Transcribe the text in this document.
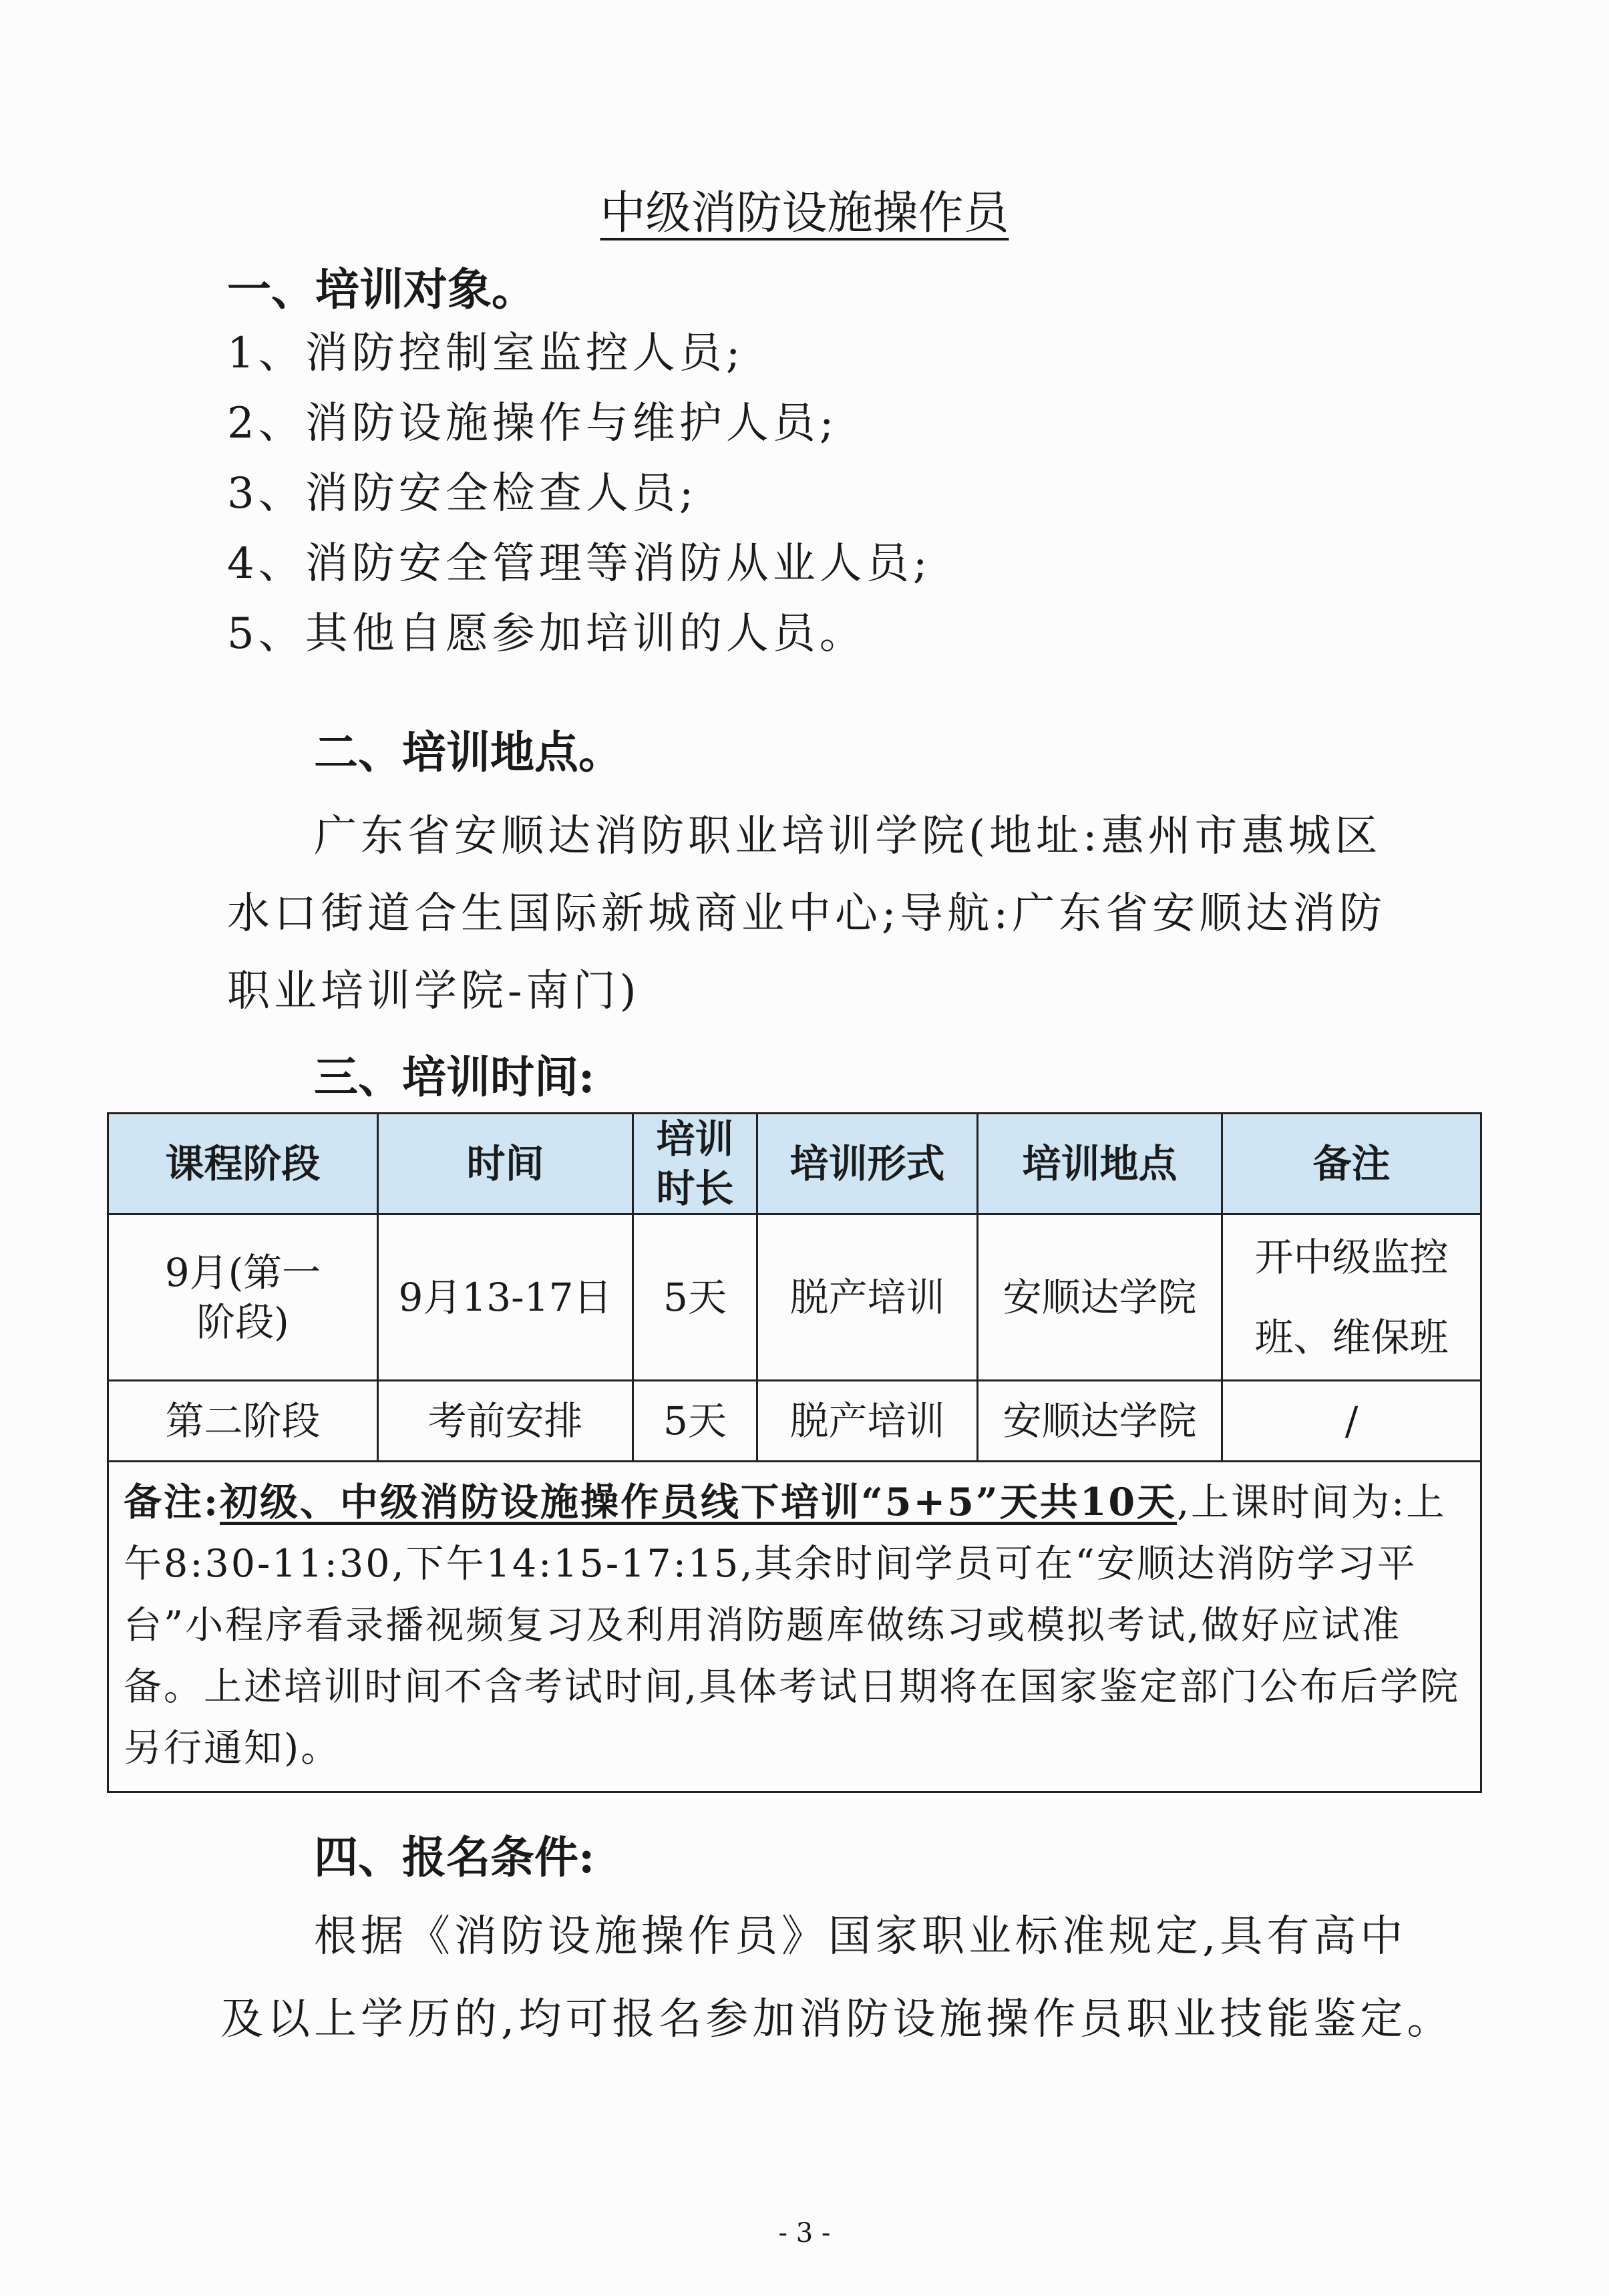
中级消防设施操作员
一、培训对象。
1、消防控制室监控人员;
2、消防设施操作与维护人员;
3、消防安全检查人员;
4、消防安全管理等消防从业人员;
5、其他自愿参加培训的人员。
二、培训地点。
广东省安顺达消防职业培训学院(地址:惠州市惠城区
水口街道合生国际新城商业中心;导航:广东省安顺达消防
职业培训学院-南门)
三、培训时间:
课程阶段	时间	培训时长	培训形式	培训地点	备注
9月(第一阶段)	9月13-17日	5天	脱产培训	安顺达学院	开中级监控班、维保班
第二阶段	考前安排	5天	脱产培训	安顺达学院	/
备注:初级、中级消防设施操作员线下培训“5+5”天共10天,上课时间为:上午8:30-11:30,下午14:15-17:15,其余时间学员可在“安顺达消防学习平台”小程序看录播视频复习及利用消防题库做练习或模拟考试,做好应试准备。上述培训时间不含考试时间,具体考试日期将在国家鉴定部门公布后学院另行通知)。					
四、报名条件:
根据《消防设施操作员》国家职业标准规定,具有高中
及以上学历的,均可报名参加消防设施操作员职业技能鉴定。
- 3 -
